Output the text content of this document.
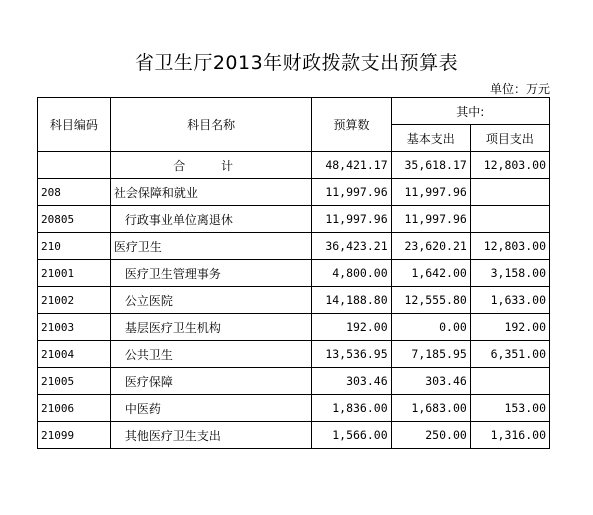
省卫生厅2013年财政拨款支出预算表
单位：万元
科目编码	科目名称	预算数	其中:	
			基本支出	项目支出
	合 计	48,421.17	35,618.17	12,803.00
208	社会保障和就业	11,997.96	11,997.96	
20805	行政事业单位离退休	11,997.96	11,997.96	
210	医疗卫生	36,423.21	23,620.21	12,803.00
21001	医疗卫生管理事务	4,800.00	1,642.00	3,158.00
21002	公立医院	14,188.80	12,555.80	1,633.00
21003	基层医疗卫生机构	192.00	0.00	192.00
21004	公共卫生	13,536.95	7,185.95	6,351.00
21005	医疗保障	303.46	303.46	
21006	中医药	1,836.00	1,683.00	153.00
21099	其他医疗卫生支出	1,566.00	250.00	1,316.00
